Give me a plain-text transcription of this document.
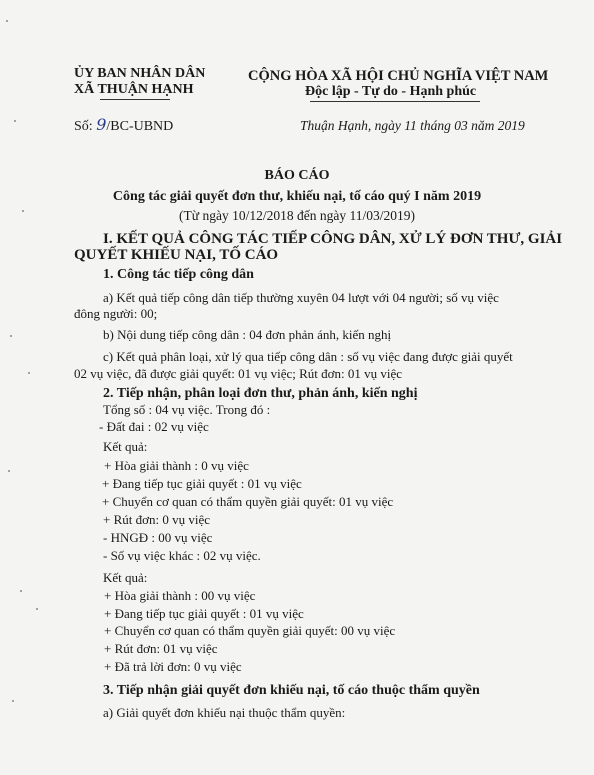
ỦY BAN NHÂN DÂN
XÃ THUẬN HẠNH
CỘNG HÒA XÃ HỘI CHỦ NGHĨA VIỆT NAM
Độc lập - Tự do - Hạnh phúc
Số: 9/BC-UBND	Thuận Hạnh, ngày 11 tháng 03 năm 2019
BÁO CÁO
Công tác giải quyết đơn thư, khiếu nại, tố cáo quý I năm 2019
(Từ ngày 10/12/2018 đến ngày 11/03/2019)
I. KẾT QUẢ CÔNG TÁC TIẾP CÔNG DÂN, XỬ LÝ ĐƠN THƯ, GIẢI
QUYẾT KHIẾU NẠI, TỐ CÁO
1. Công tác tiếp công dân
a) Kết quả tiếp công dân tiếp thường xuyên 04 lượt với 04 người; số vụ việc
đông người: 00;
b) Nội dung tiếp công dân : 04 đơn phản ánh, kiến nghị
c) Kết quả phân loại, xử lý qua tiếp công dân : số vụ việc đang được giải quyết
02 vụ việc, đã được giải quyết: 01 vụ việc; Rút đơn: 01 vụ việc
2. Tiếp nhận, phân loại đơn thư, phản ánh, kiến nghị
Tổng số : 04 vụ việc. Trong đó :
- Đất đai : 02 vụ việc
Kết quả:
+ Hòa giải thành : 0 vụ việc
+ Đang tiếp tục giải quyết : 01 vụ việc
+ Chuyển cơ quan có thẩm quyền giải quyết: 01 vụ việc
+ Rút đơn: 0 vụ việc
- HNGĐ : 00 vụ việc
- Số vụ việc khác : 02 vụ việc.
Kết quả:
+ Hòa giải thành : 00 vụ việc
+ Đang tiếp tục giải quyết : 01 vụ việc
+ Chuyển cơ quan có thẩm quyền giải quyết: 00 vụ việc
+ Rút đơn: 01 vụ việc
+ Đã trả lời đơn: 0 vụ việc
3. Tiếp nhận giải quyết đơn khiếu nại, tố cáo thuộc thẩm quyền
a) Giải quyết đơn khiếu nại thuộc thẩm quyền:
